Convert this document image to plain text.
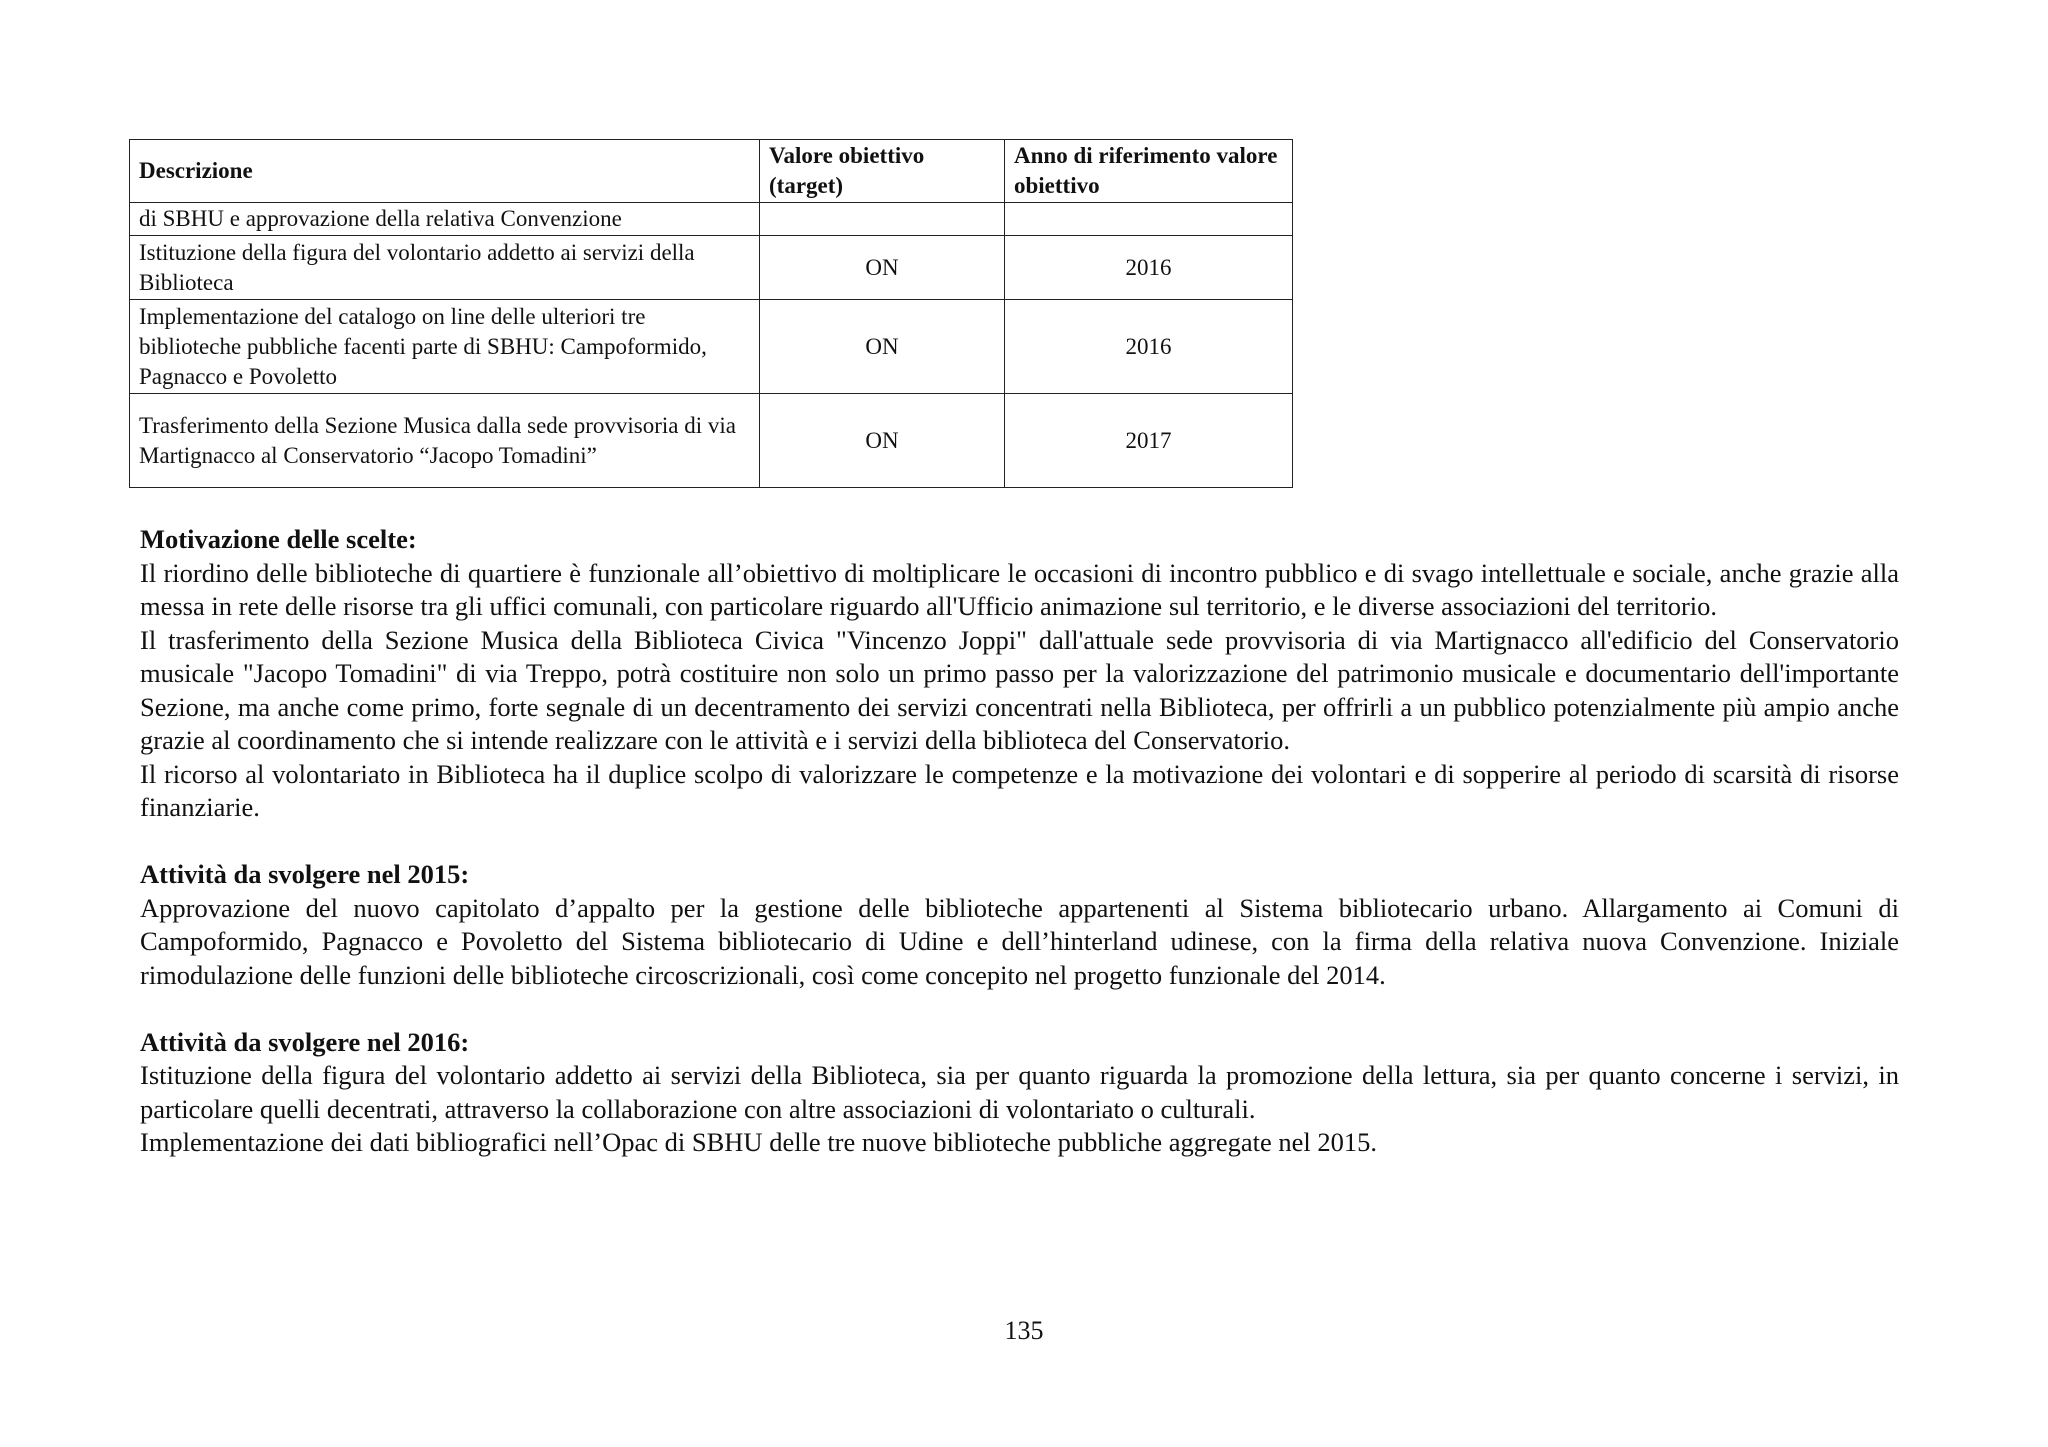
Descrizione	Valore obiettivo (target)	Anno di riferimento valore obiettivo
di SBHU e approvazione della relativa Convenzione		
Istituzione della figura del volontario addetto ai servizi della Biblioteca	ON	2016
Implementazione del catalogo on line delle ulteriori tre biblioteche pubbliche facenti parte di SBHU: Campoformido, Pagnacco e Povoletto	ON	2016
Trasferimento della Sezione Musica dalla sede provvisoria di via Martignacco al Conservatorio “Jacopo Tomadini”	ON	2017
Motivazione delle scelte:

Il riordino delle biblioteche di quartiere è funzionale all’obiettivo di moltiplicare le occasioni di incontro pubblico e di svago intellettuale e sociale, anche grazie alla messa in rete delle risorse tra gli uffici comunali, con particolare riguardo all'Ufficio animazione sul territorio, e le diverse associazioni del territorio.

Il trasferimento della Sezione Musica della Biblioteca Civica "Vincenzo Joppi" dall'attuale sede provvisoria di via Martignacco all'edificio del Conservatorio musicale "Jacopo Tomadini" di via Treppo, potrà costituire non solo un primo passo per la valorizzazione del patrimonio musicale e documentario dell'importante Sezione, ma anche come primo, forte segnale di un decentramento dei servizi concentrati nella Biblioteca, per offrirli a un pubblico potenzialmente più ampio anche grazie al coordinamento che si intende realizzare con le attività e i servizi della biblioteca del Conservatorio.

Il ricorso al volontariato in Biblioteca ha il duplice scolpo di valorizzare le competenze e la motivazione dei volontari e di sopperire al periodo di scarsità di risorse finanziarie.

Attività da svolgere nel 2015:

Approvazione del nuovo capitolato d’appalto per la gestione delle biblioteche appartenenti al Sistema bibliotecario urbano. Allargamento ai Comuni di Campoformido, Pagnacco e Povoletto del Sistema bibliotecario di Udine e dell’hinterland udinese, con la firma della relativa nuova Convenzione. Iniziale rimodulazione delle funzioni delle biblioteche circoscrizionali, così come concepito nel progetto funzionale del 2014.

Attività da svolgere nel 2016:

Istituzione della figura del volontario addetto ai servizi della Biblioteca, sia per quanto riguarda la promozione della lettura, sia per quanto concerne i servizi, in particolare quelli decentrati, attraverso la collaborazione con altre associazioni di volontariato o culturali.

Implementazione dei dati bibliografici nell’Opac di SBHU delle tre nuove biblioteche pubbliche aggregate nel 2015.

135
